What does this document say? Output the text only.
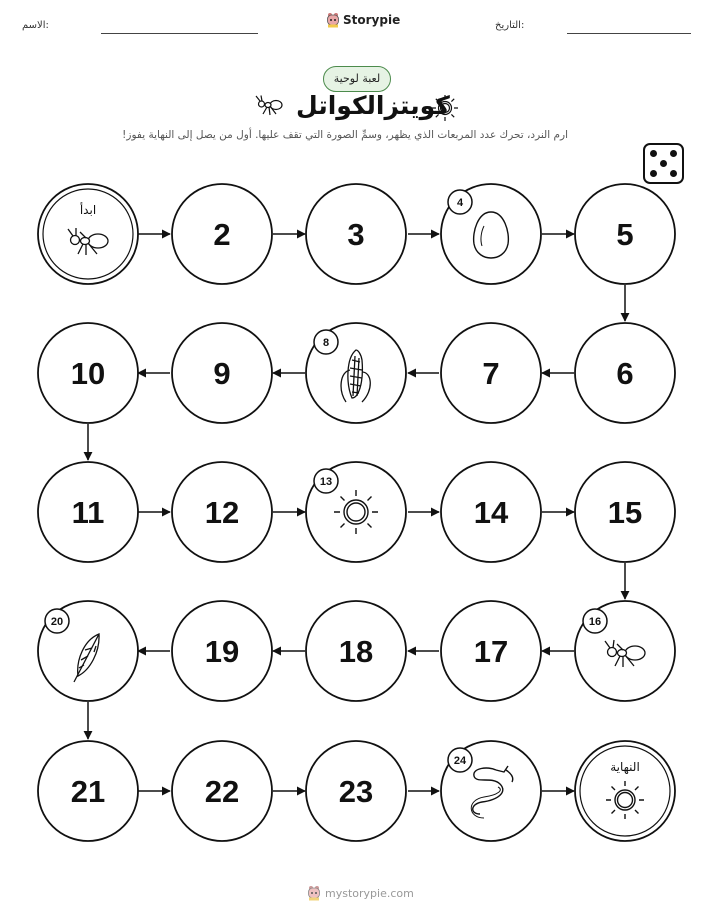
الاسم:	Storypie	التاريخ:
لعبة لوحية
كويتزالكواتل
ارم النرد، تحرك عدد المربعات الذي يظهر، وسمِّ الصورة التي تقف عليها. أول من يصل إلى النهاية يفوز!
2	3	5
6
7
9
10
11	12	14	15
17
18
19
21	22	23
ابدأ
النهاية
4
8
13
16
20
24
mystorypie.com
